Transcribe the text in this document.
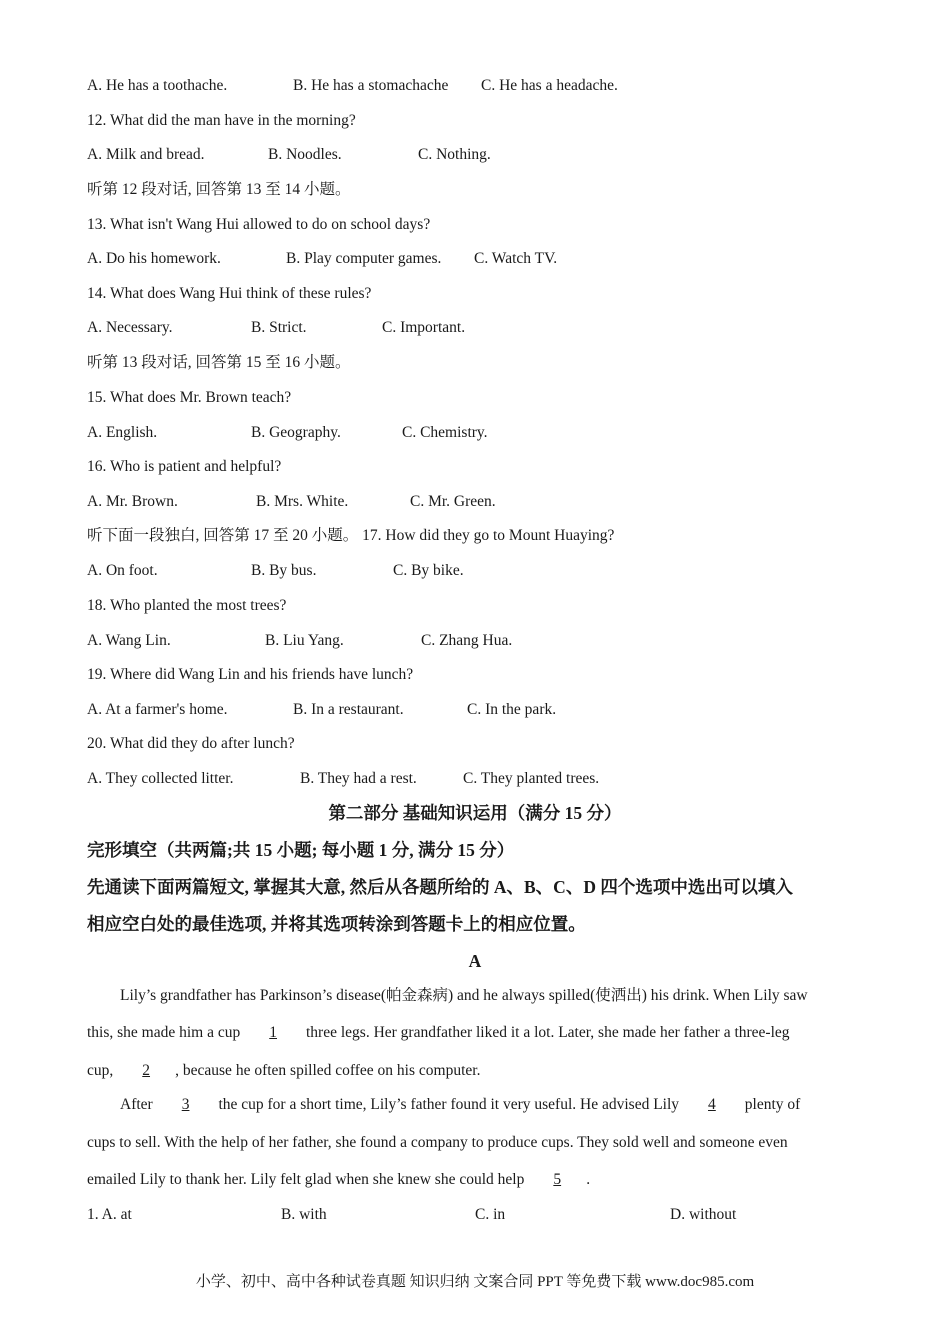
A. He has a toothache.	B. He has a stomachache C. He has a headache.
12. What did the man have in the morning?
A. Milk and bread.	B. Noodles.	C. Nothing.
听第 12 段对话, 回答第 13 至 14 小题。
13. What isn't Wang Hui allowed to do on school days?
A. Do his homework.	B. Play computer games. C. Watch TV.
14. What does Wang Hui think of these rules?
A. Necessary.	B. Strict.	C. Important.
听第 13 段对话, 回答第 15 至 16 小题。
15. What does Mr. Brown teach?
A. English.	B. Geography.	C. Chemistry.
16. Who is patient and helpful?
A. Mr. Brown.	B. Mrs. White.	C. Mr. Green.
听下面一段独白, 回答第 17 至 20 小题。 17. How did they go to Mount Huaying?
A. On foot.	B. By bus.	C. By bike.
18. Who planted the most trees?
A. Wang Lin.	B. Liu Yang.	C. Zhang Hua.
19. Where did Wang Lin and his friends have lunch?
A. At a farmer's home.	B. In a restaurant.	C. In the park.
20. What did they do after lunch?
A. They collected litter.	B. They had a rest.	C. They planted trees.
第二部分 基础知识运用（满分 15 分）
完形填空（共两篇;共 15 小题; 每小题 1 分, 满分 15 分）
先通读下面两篇短文, 掌握其大意, 然后从各题所给的 A、B、C、D 四个选项中选出可以填入
相应空白处的最佳选项, 并将其选项转涂到答题卡上的相应位置。
A
Lily’s grandfather has Parkinson’s disease(帕金森病) and he always spilled(使洒出) his drink. When Lily saw
this, she made him a cup 1 three legs. Her grandfather liked it a lot. Later, she made her father a three-leg
cup, 2 , because he often spilled coffee on his computer.
After 3 the cup for a short time, Lily’s father found it very useful. He advised Lily 4 plenty of
cups to sell. With the help of her father, she found a company to produce cups. They sold well and someone even
emailed Lily to thank her. Lily felt glad when she knew she could help 5 .
1. A. at	B. with	C. in	D. without
小学、初中、高中各种试卷真题 知识归纳 文案合同 PPT 等免费下载 www.doc985.com
